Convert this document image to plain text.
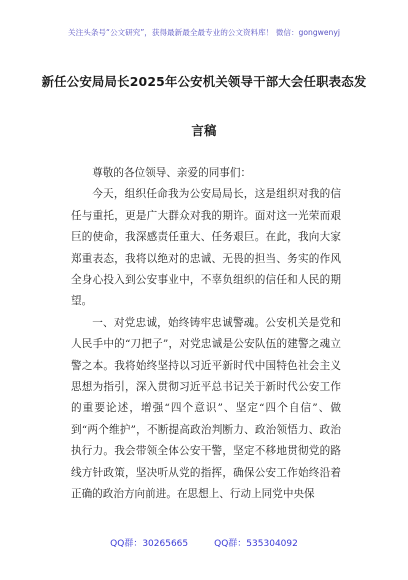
关注头条号“公文研究”，获得最新最全最专业的公文资料库！ 微信：gongwenyj
新任公安局局长2025年公安机关领导干部大会任职表态发
言稿

尊敬的各位领导、亲爱的同事们：

今天，组织任命我为公安局局长，这是组织对我的信任与重托，更是广大群众对我的期许。面对这一光荣而艰巨的使命，我深感责任重大、任务艰巨。在此，我向大家郑重表态，我将以绝对的忠诚、无畏的担当、务实的作风全身心投入到公安事业中，不辜负组织的信任和人民的期望。

一、对党忠诚，始终铸牢忠诚警魂。公安机关是党和人民手中的“刀把子”，对党忠诚是公安队伍的建警之魂立警之本。我将始终坚持以习近平新时代中国特色社会主义思想为指引，深入贯彻习近平总书记关于新时代公安工作的重要论述，增强“四个意识”、坚定“四个自信”、做到“两个维护”，不断提高政治判断力、政治领悟力、政治执行力。我会带领全体公安干警，坚定不移地贯彻党的路线方针政策，坚决听从党的指挥，确保公安工作始终沿着正确的政治方向前进。在思想上、行动上同党中央保

QQ群：30265665	QQ群：535304092
